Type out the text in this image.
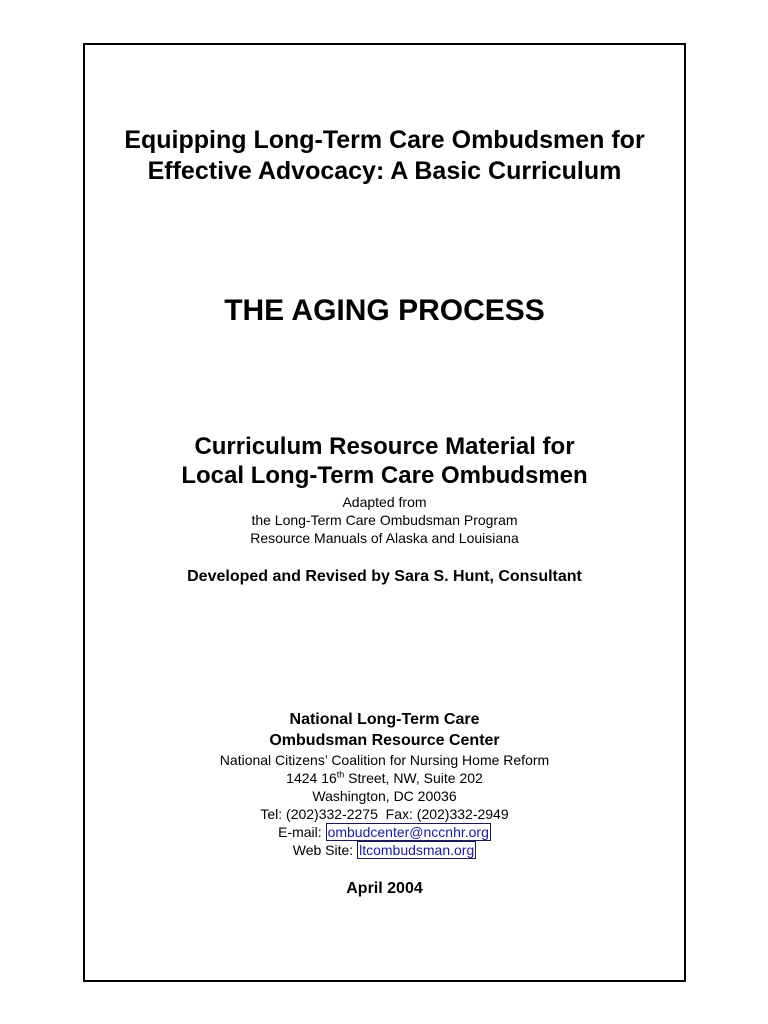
Equipping Long-Term Care Ombudsmen for
Effective Advocacy: A Basic Curriculum
THE AGING PROCESS
Curriculum Resource Material for
Local Long-Term Care Ombudsmen
Adapted from
the Long-Term Care Ombudsman Program
Resource Manuals of Alaska and Louisiana
Developed and Revised by Sara S. Hunt, Consultant
National Long-Term Care
Ombudsman Resource Center
National Citizens’ Coalition for Nursing Home Reform
1424 16th Street, NW, Suite 202
Washington, DC 20036
Tel: (202)332-2275  Fax: (202)332-2949
E-mail: ombudcenter@nccnhr.org
Web Site: ltcombudsman.org
April 2004
